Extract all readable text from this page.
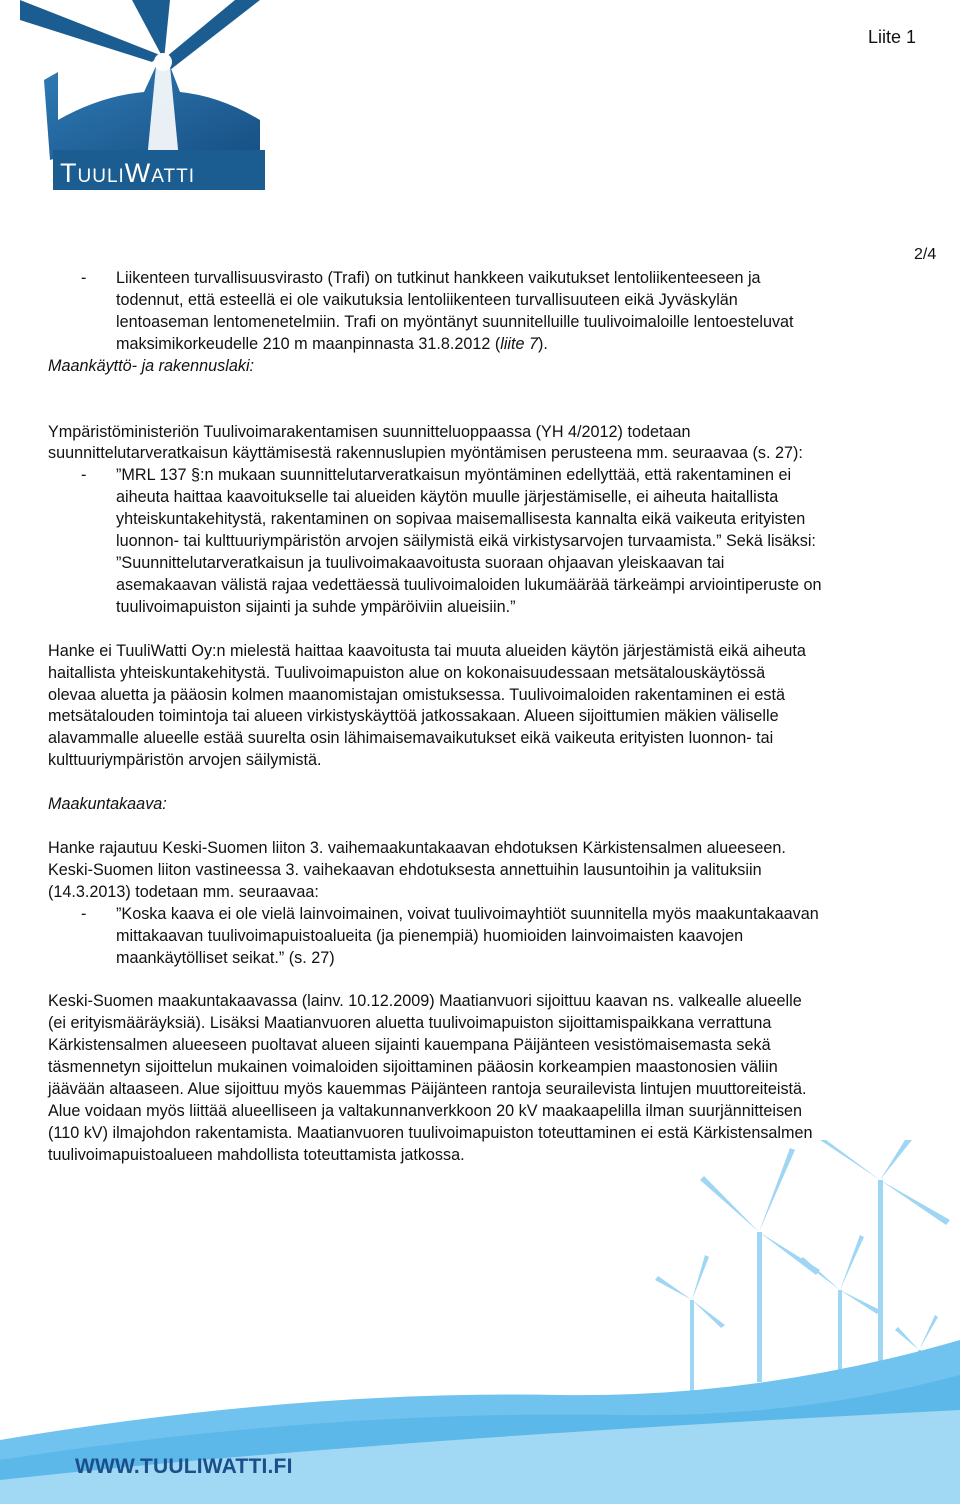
TUULIWATTI
Liite 1
2/4
WWW.TUULIWATTI.FI
- Liikenteen turvallisuusvirasto (Trafi) on tutkinut hankkeen vaikutukset lentoliikenteeseen ja
todennut, että esteellä ei ole vaikutuksia lentoliikenteen turvallisuuteen eikä Jyväskylän
lentoaseman lentomenetelmiin. Trafi on myöntänyt suunnitelluille tuulivoimaloille lentoesteluvat
maksimikorkeudelle 210 m maanpinnasta 31.8.2012 (liite 7).
Maankäyttö- ja rakennuslaki:
Ympäristöministeriön Tuulivoimarakentamisen suunnitteluoppaassa (YH 4/2012) todetaan
suunnittelutarveratkaisun käyttämisestä rakennuslupien myöntämisen perusteena mm. seuraavaa (s. 27):
- ”MRL 137 §:n mukaan suunnittelutarveratkaisun myöntäminen edellyttää, että rakentaminen ei
aiheuta haittaa kaavoitukselle tai alueiden käytön muulle järjestämiselle, ei aiheuta haitallista
yhteiskuntakehitystä, rakentaminen on sopivaa maisemallisesta kannalta eikä vaikeuta erityisten
luonnon- tai kulttuuriympäristön arvojen säilymistä eikä virkistysarvojen turvaamista.” Sekä lisäksi:
”Suunnittelutarveratkaisun ja tuulivoimakaavoitusta suoraan ohjaavan yleiskaavan tai
asemakaavan välistä rajaa vedettäessä tuulivoimaloiden lukumäärää tärkeämpi arviointiperuste on
tuulivoimapuiston sijainti ja suhde ympäröiviin alueisiin.”
Hanke ei TuuliWatti Oy:n mielestä haittaa kaavoitusta tai muuta alueiden käytön järjestämistä eikä aiheuta
haitallista yhteiskuntakehitystä. Tuulivoimapuiston alue on kokonaisuudessaan metsätalouskäytössä
olevaa aluetta ja pääosin kolmen maanomistajan omistuksessa. Tuulivoimaloiden rakentaminen ei estä
metsätalouden toimintoja tai alueen virkistyskäyttöä jatkossakaan. Alueen sijoittumien mäkien väliselle
alavammalle alueelle estää suurelta osin lähimaisemavaikutukset eikä vaikeuta erityisten luonnon- tai
kulttuuriympäristön arvojen säilymistä.
Maakuntakaava:
Hanke rajautuu Keski-Suomen liiton 3. vaihemaakuntakaavan ehdotuksen Kärkistensalmen alueeseen.
Keski-Suomen liiton vastineessa 3. vaihekaavan ehdotuksesta annettuihin lausuntoihin ja valituksiin
(14.3.2013) todetaan mm. seuraavaa:
- ”Koska kaava ei ole vielä lainvoimainen, voivat tuulivoimayhtiöt suunnitella myös maakuntakaavan
mittakaavan tuulivoimapuistoalueita (ja pienempiä) huomioiden lainvoimaisten kaavojen
maankäytölliset seikat.” (s. 27)
Keski-Suomen maakuntakaavassa (lainv. 10.12.2009) Maatianvuori sijoittuu kaavan ns. valkealle alueelle
(ei erityismääräyksiä). Lisäksi Maatianvuoren aluetta tuulivoimapuiston sijoittamispaikkana verrattuna
Kärkistensalmen alueeseen puoltavat alueen sijainti kauempana Päijänteen vesistömaisemasta sekä
täsmennetyn sijoittelun mukainen voimaloiden sijoittaminen pääosin korkeampien maastonosien väliin
jäävään altaaseen. Alue sijoittuu myös kauemmas Päijänteen rantoja seurailevista lintujen muuttoreiteistä.
Alue voidaan myös liittää alueelliseen ja valtakunnanverkkoon 20 kV maakaapelilla ilman suurjännitteisen
(110 kV) ilmajohdon rakentamista. Maatianvuoren tuulivoimapuiston toteuttaminen ei estä Kärkistensalmen
tuulivoimapuistoalueen mahdollista toteuttamista jatkossa.
